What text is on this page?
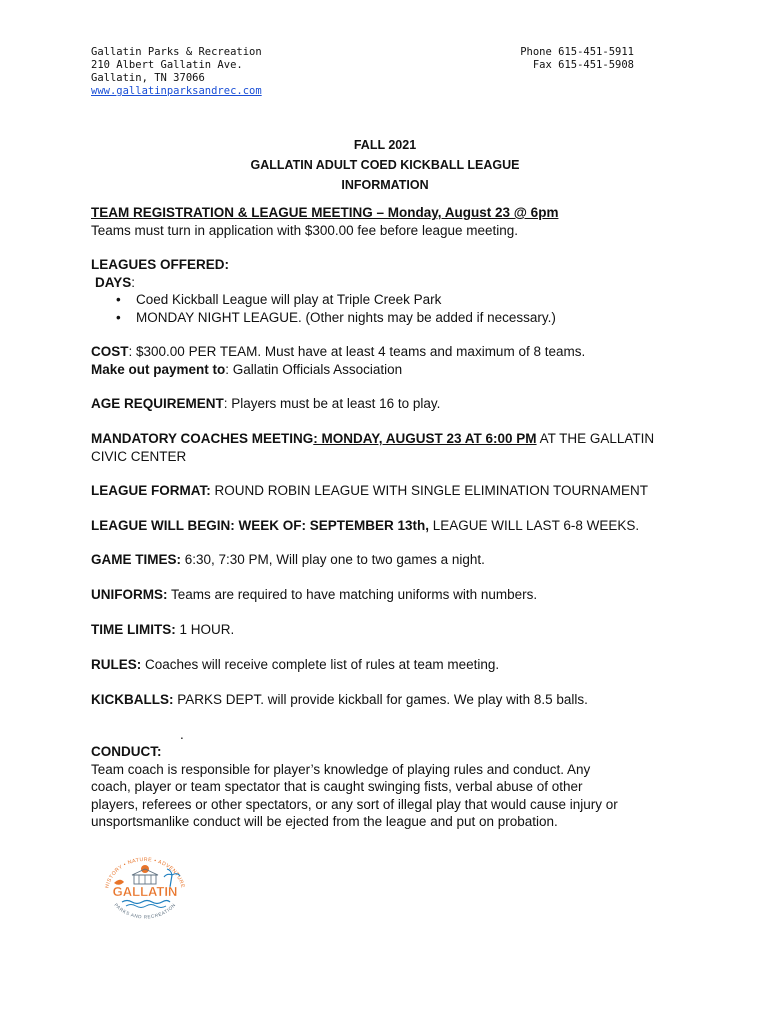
Gallatin Parks & Recreation
210 Albert Gallatin Ave.
Gallatin, TN 37066
www.gallatinparksandrec.com
Phone 615-451-5911
Fax 615-451-5908
FALL 2021
GALLATIN ADULT COED KICKBALL LEAGUE
INFORMATION
TEAM REGISTRATION & LEAGUE MEETING – Monday, August 23 @ 6pm
Teams must turn in application with $300.00 fee before league meeting.
LEAGUES OFFERED:
DAYS:
• Coed Kickball League will play at Triple Creek Park
• MONDAY NIGHT LEAGUE. (Other nights may be added if necessary.)
COST: $300.00 PER TEAM. Must have at least 4 teams and maximum of 8 teams.
Make out payment to: Gallatin Officials Association
AGE REQUIREMENT: Players must be at least 16 to play.
MANDATORY COACHES MEETING: MONDAY, AUGUST 23 AT 6:00 PM AT THE GALLATIN
CIVIC CENTER
LEAGUE FORMAT: ROUND ROBIN LEAGUE WITH SINGLE ELIMINATION TOURNAMENT
LEAGUE WILL BEGIN: WEEK OF: SEPTEMBER 13th, LEAGUE WILL LAST 6-8 WEEKS.
GAME TIMES: 6:30, 7:30 PM, Will play one to two games a night.
UNIFORMS: Teams are required to have matching uniforms with numbers.
TIME LIMITS: 1 HOUR.
RULES: Coaches will receive complete list of rules at team meeting.
KICKBALLS: PARKS DEPT. will provide kickball for games. We play with 8.5 balls.
.
CONDUCT:
Team coach is responsible for player’s knowledge of playing rules and conduct. Any
coach, player or team spectator that is caught swinging fists, verbal abuse of other
players, referees or other spectators, or any sort of illegal play that would cause injury or
unsportsmanlike conduct will be ejected from the league and put on probation.
HISTORY • NATURE • ADVENTURE
GALLATIN
PARKS AND RECREATION
